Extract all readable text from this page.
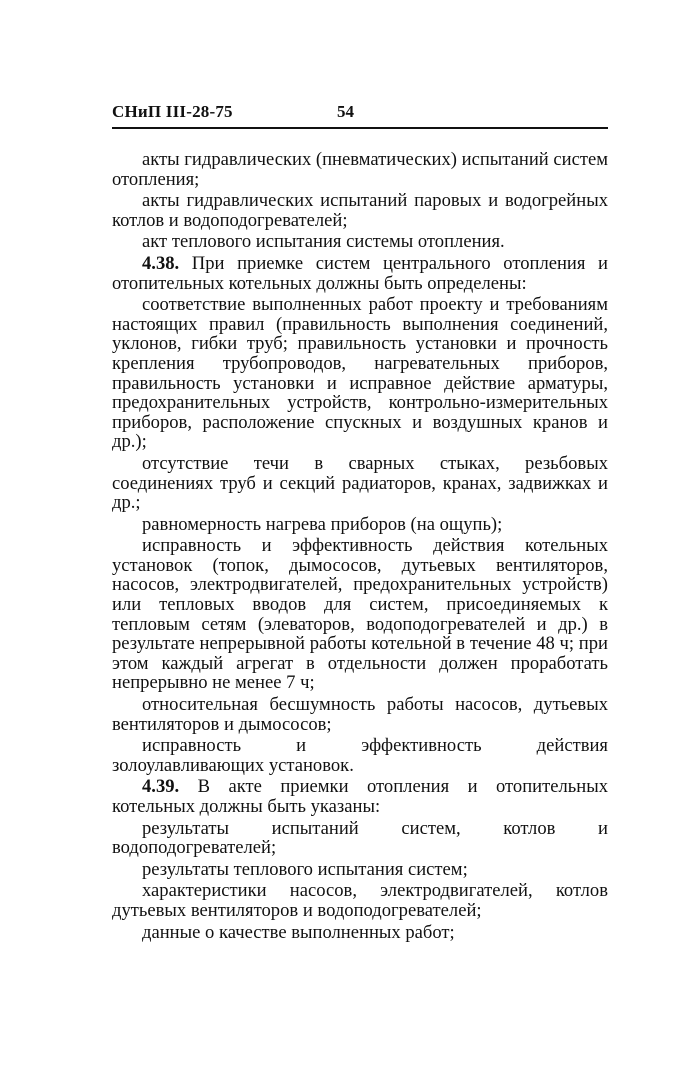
СНиП III-28-75	54

акты гидравлических (пневматических) испытаний систем отопления;

акты гидравлических испытаний паровых и водогрейных котлов и водоподогревателей;

акт теплового испытания системы отопления.

4.38. При приемке систем центрального отопления и отопительных котельных должны быть определены:

соответствие выполненных работ проекту и требованиям настоящих правил (правильность выполнения соединений, уклонов, гибки труб; правильность установки и прочность крепления трубопроводов, нагревательных приборов, правильность установки и исправное действие арматуры, предохранительных устройств, контрольно-измерительных приборов, расположение спускных и воздушных кранов и др.);

отсутствие течи в сварных стыках, резьбовых соединениях труб и секций радиаторов, кранах, задвижках и др.;

равномерность нагрева приборов (на ощупь);

исправность и эффективность действия котельных установок (топок, дымососов, дутьевых вентиляторов, насосов, электродвигателей, предохранительных устройств) или тепловых вводов для систем, присоединяемых к тепловым сетям (элеваторов, водоподогревателей и др.) в результате непрерывной работы котельной в течение 48 ч; при этом каждый агрегат в отдельности должен проработать непрерывно не менее 7 ч;

относительная бесшумность работы насосов, дутьевых вентиляторов и дымососов;

исправность и эффективность действия золоулавливающих установок.

4.39. В акте приемки отопления и отопительных котельных должны быть указаны:

результаты испытаний систем, котлов и водоподогревателей;

результаты теплового испытания систем;

характеристики насосов, электродвигателей, котлов дутьевых вентиляторов и водоподогревателей;

данные о качестве выполненных работ;
